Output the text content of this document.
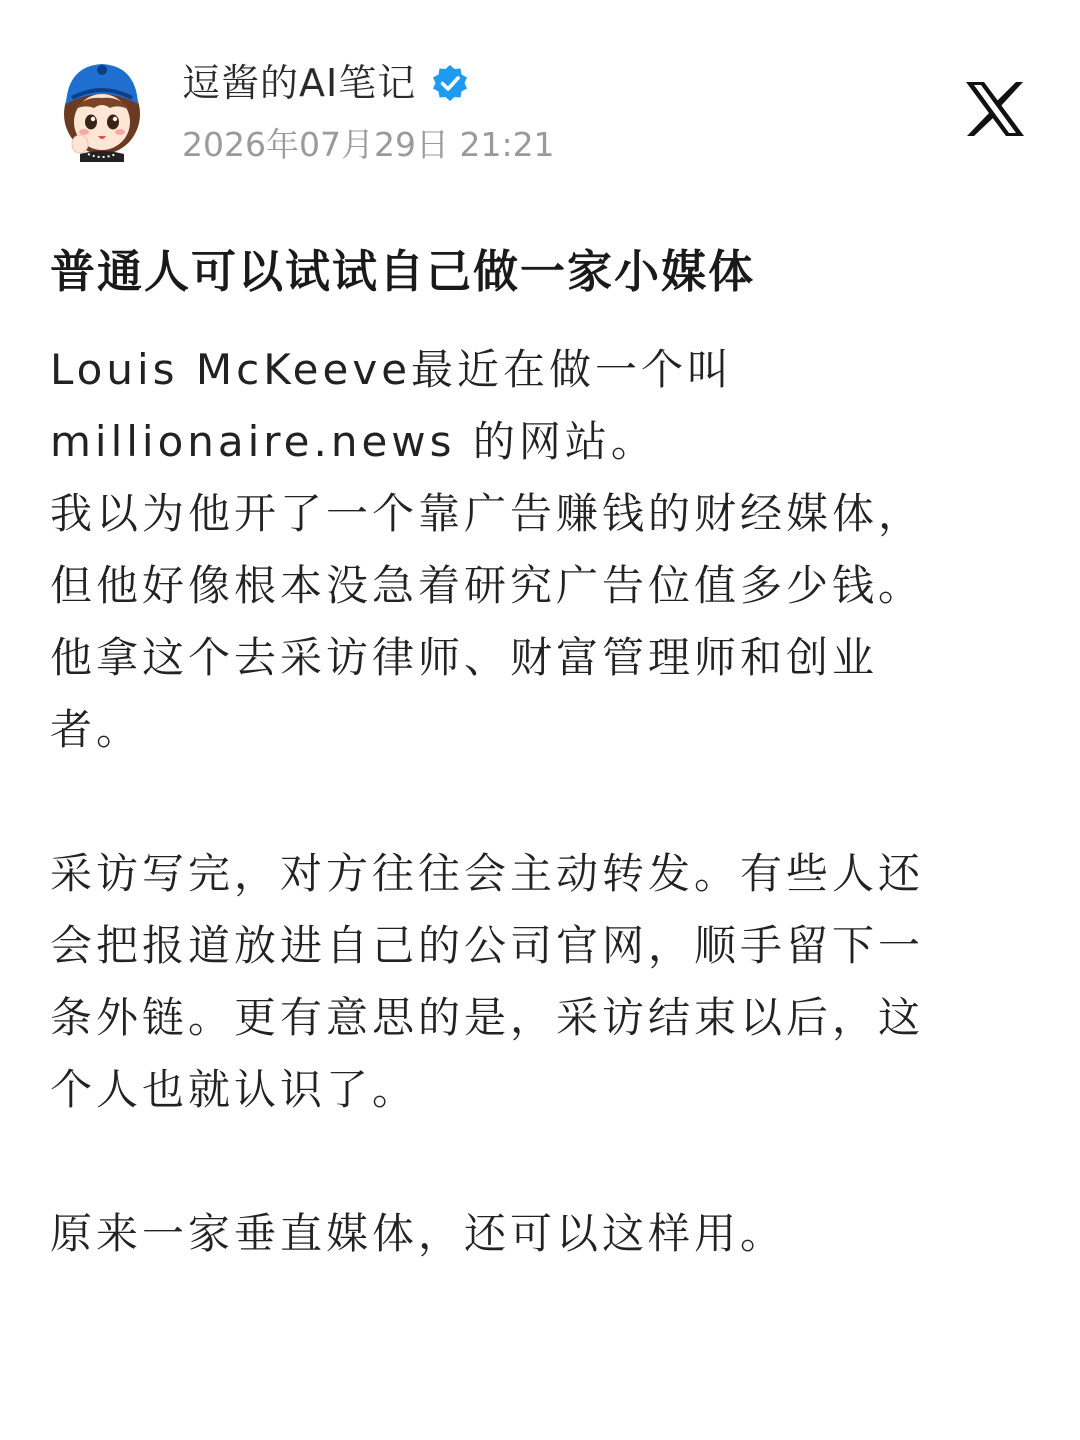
逗酱的AI笔记
2026年07月29日 21:21
普通人可以试试自己做一家小媒体
Louis McKeeve最近在做一个叫
millionaire.news 的网站。
我以为他开了一个靠广告赚钱的财经媒体，
但他好像根本没急着研究广告位值多少钱。
他拿这个去采访律师、财富管理师和创业
者。
采访写完，对方往往会主动转发。有些人还
会把报道放进自己的公司官网，顺手留下一
条外链。更有意思的是，采访结束以后，这
个人也就认识了。
原来一家垂直媒体，还可以这样用。
